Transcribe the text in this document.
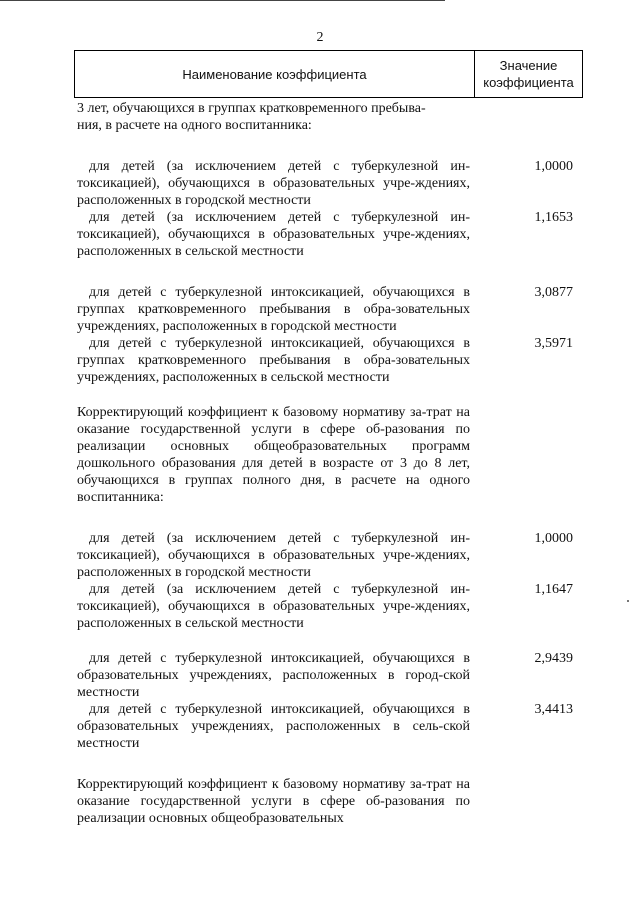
2
Наименование коэффициента
Значение
коэффициента

3 лет, обучающихся в группах кратковременного пребыва-

ния, в расчете на одного воспитанника:

для детей (за исключением детей с туберкулезной ин-токсикацией), обучающихся в образовательных учре-ждениях, расположенных в городской местности

1,0000

для детей (за исключением детей с туберкулезной ин-токсикацией), обучающихся в образовательных учре-ждениях, расположенных в сельской местности

1,1653

для детей с туберкулезной интоксикацией, обучающихся в группах кратковременного пребывания в обра-зовательных учреждениях, расположенных в городской местности

3,0877

для детей с туберкулезной интоксикацией, обучающихся в группах кратковременного пребывания в обра-зовательных учреждениях, расположенных в сельской местности

3,5971

Корректирующий коэффициент к базовому нормативу за-трат на оказание государственной услуги в сфере об-разования по реализации основных общеобразовательных программ дошкольного образования для детей в возрасте от 3 до 8 лет, обучающихся в группах полного дня, в расчете на одного воспитанника:

для детей (за исключением детей с туберкулезной ин-токсикацией), обучающихся в образовательных учре-ждениях, расположенных в городской местности

1,0000

для детей (за исключением детей с туберкулезной ин-токсикацией), обучающихся в образовательных учре-ждениях, расположенных в сельской местности

1,1647

для детей с туберкулезной интоксикацией, обучающихся в образовательных учреждениях, расположенных в город-ской местности

2,9439

для детей с туберкулезной интоксикацией, обучающихся в образовательных учреждениях, расположенных в сель-ской местности

3,4413

Корректирующий коэффициент к базовому нормативу за-трат на оказание государственной услуги в сфере об-разования по реализации основных общеобразовательных
